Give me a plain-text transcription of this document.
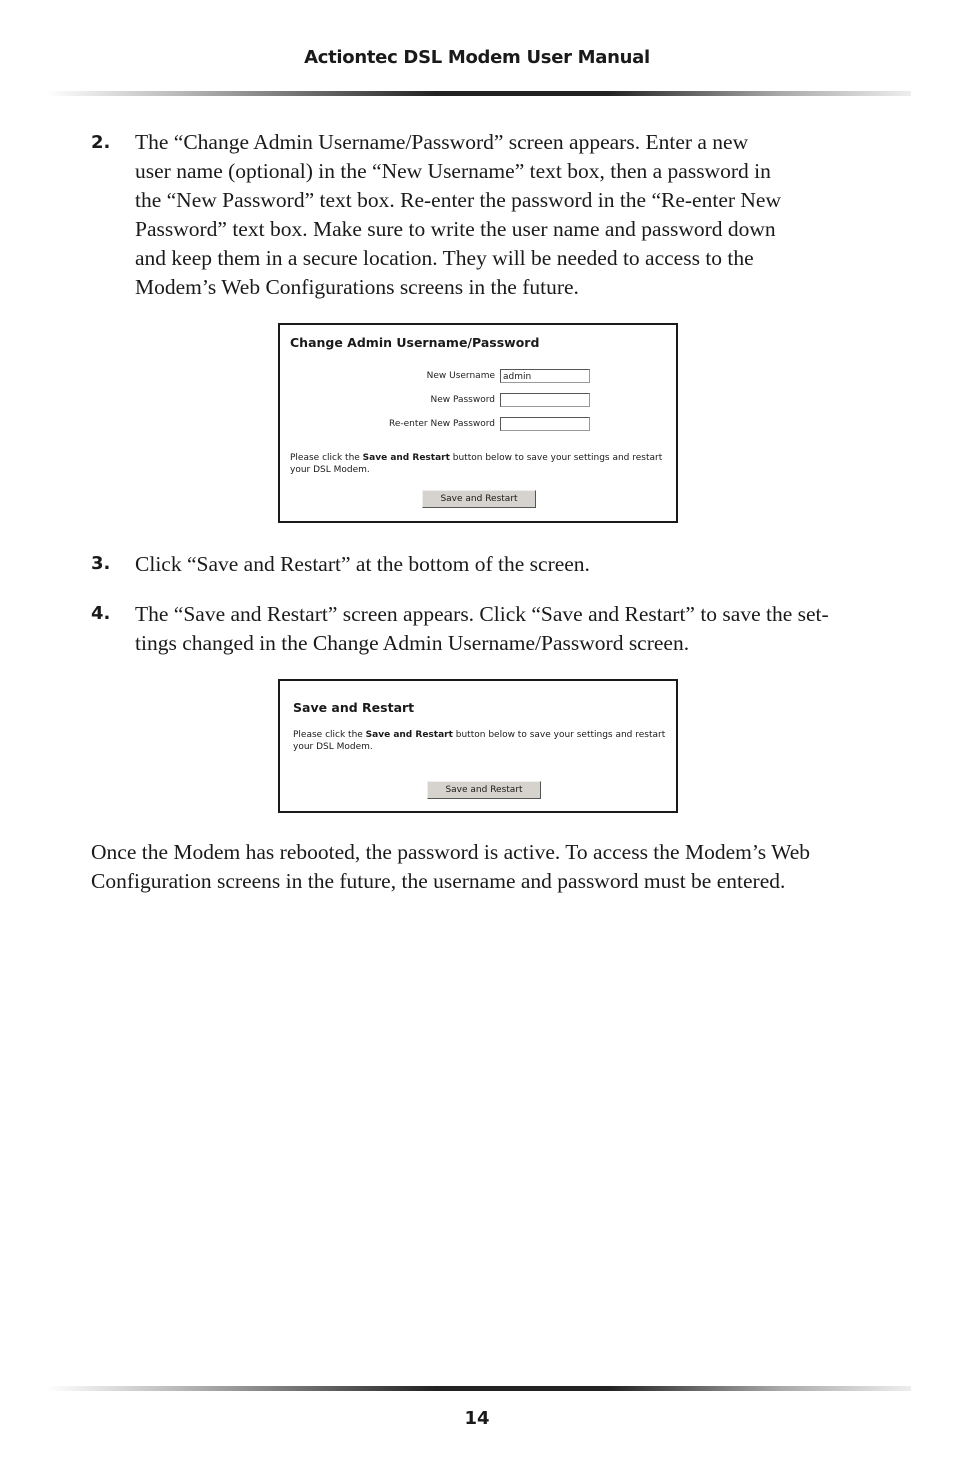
Actiontec DSL Modem User Manual
2. The “Change Admin Username/Password” screen appears. Enter a new
user name (optional) in the “New Username” text box, then a password in
the “New Password” text box. Re-enter the password in the “Re-enter New
Password” text box. Make sure to write the user name and password down
and keep them in a secure location. They will be needed to access to the
Modem’s Web Configurations screens in the future.
Change Admin Username/Password
New Username admin
New Password
Re-enter New Password
Please click the Save and Restart button below to save your settings and restart your DSL Modem.
Save and Restart
3. Click “Save and Restart” at the bottom of the screen.
4. The “Save and Restart” screen appears. Click “Save and Restart” to save the set-
tings changed in the Change Admin Username/Password screen.
Save and Restart
Please click the Save and Restart button below to save your settings and restart your DSL Modem.
Save and Restart
Once the Modem has rebooted, the password is active. To access the Modem’s Web
Configuration screens in the future, the username and password must be entered.
14
